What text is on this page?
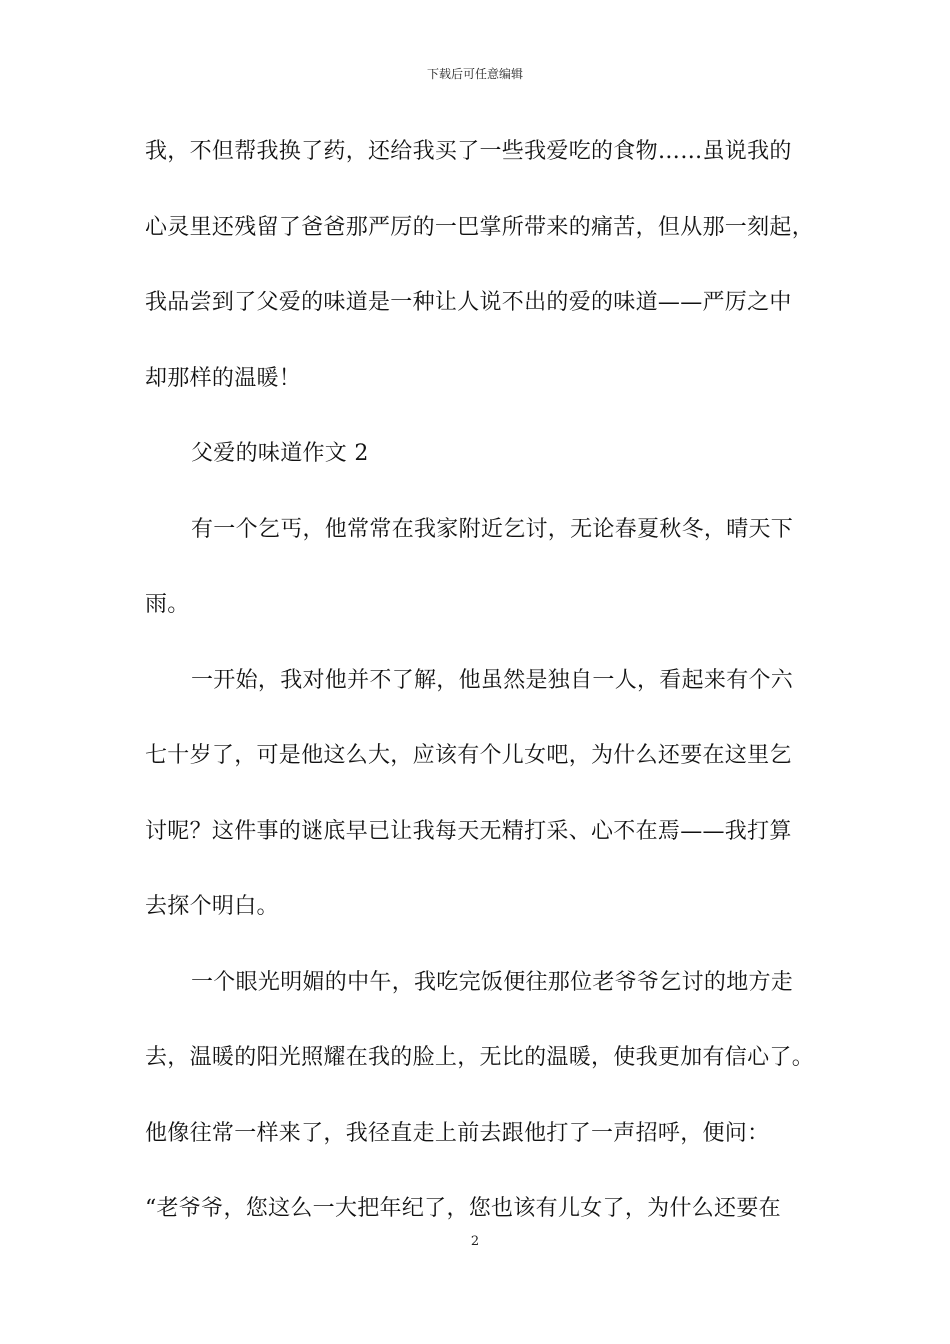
下载后可任意编辑
我，不但帮我换了药，还给我买了一些我爱吃的食物……虽说我的
心灵里还残留了爸爸那严厉的一巴掌所带来的痛苦，但从那一刻起，
我品尝到了父爱的味道是一种让人说不出的爱的味道——严厉之中
却那样的温暖！
父爱的味道作文 2
有一个乞丐，他常常在我家附近乞讨，无论春夏秋冬，晴天下
雨。
一开始，我对他并不了解，他虽然是独自一人，看起来有个六
七十岁了，可是他这么大，应该有个儿女吧，为什么还要在这里乞
讨呢？这件事的谜底早已让我每天无精打采、心不在焉——我打算
去探个明白。
一个眼光明媚的中午，我吃完饭便往那位老爷爷乞讨的地方走
去，温暖的阳光照耀在我的脸上，无比的温暖，使我更加有信心了。
他像往常一样来了，我径直走上前去跟他打了一声招呼，便问：
“老爷爷，您这么一大把年纪了，您也该有儿女了，为什么还要在
2
